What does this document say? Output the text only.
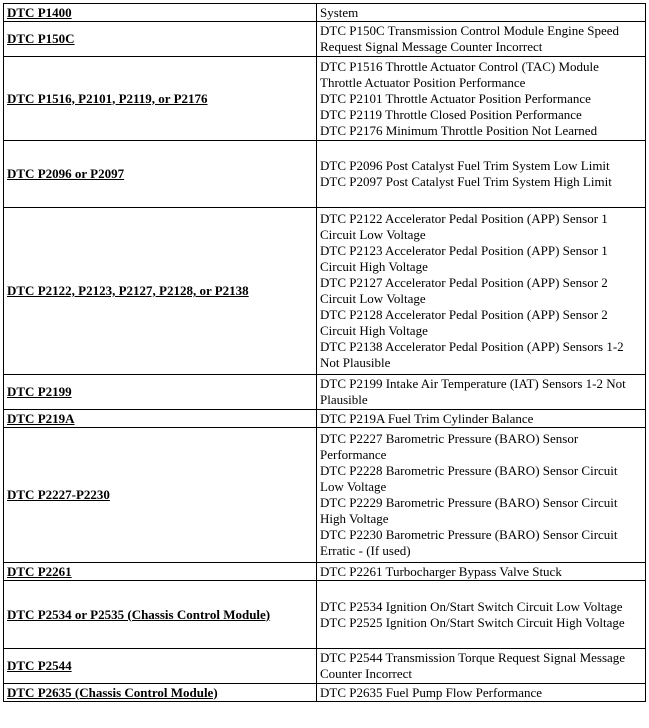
DTC P1400	System

DTC P150C	DTC P150C Transmission Control Module Engine Speed Request Signal Message Counter Incorrect

DTC P1516, P2101, P2119, or P2176	DTC P1516 Throttle Actuator Control (TAC) Module Throttle Actuator Position Performance
DTC P2101 Throttle Actuator Position Performance
DTC P2119 Throttle Closed Position Performance
DTC P2176 Minimum Throttle Position Not Learned

DTC P2096 or P2097	DTC P2096 Post Catalyst Fuel Trim System Low Limit
DTC P2097 Post Catalyst Fuel Trim System High Limit

DTC P2122, P2123, P2127, P2128, or P2138	DTC P2122 Accelerator Pedal Position (APP) Sensor 1 Circuit Low Voltage
DTC P2123 Accelerator Pedal Position (APP) Sensor 1 Circuit High Voltage
DTC P2127 Accelerator Pedal Position (APP) Sensor 2 Circuit Low Voltage
DTC P2128 Accelerator Pedal Position (APP) Sensor 2 Circuit High Voltage
DTC P2138 Accelerator Pedal Position (APP) Sensors 1-2 Not Plausible

DTC P2199	DTC P2199 Intake Air Temperature (IAT) Sensors 1-2 Not Plausible

DTC P219A	DTC P219A Fuel Trim Cylinder Balance

DTC P2227-P2230	DTC P2227 Barometric Pressure (BARO) Sensor Performance
DTC P2228 Barometric Pressure (BARO) Sensor Circuit Low Voltage
DTC P2229 Barometric Pressure (BARO) Sensor Circuit High Voltage
DTC P2230 Barometric Pressure (BARO) Sensor Circuit Erratic - (If used)

DTC P2261	DTC P2261 Turbocharger Bypass Valve Stuck

DTC P2534 or P2535 (Chassis Control Module)	DTC P2534 Ignition On/Start Switch Circuit Low Voltage
DTC P2525 Ignition On/Start Switch Circuit High Voltage

DTC P2544	DTC P2544 Transmission Torque Request Signal Message Counter Incorrect

DTC P2635 (Chassis Control Module)	DTC P2635 Fuel Pump Flow Performance
